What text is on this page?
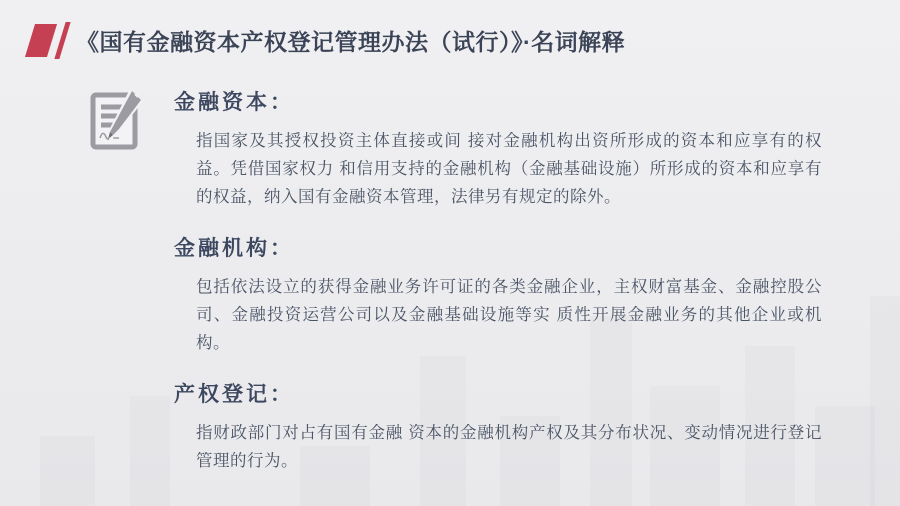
《国有金融资本产权登记管理办法（试行）》·名词解释
金融资本：

指国家及其授权投资主体直接或间 接对金融机构出资所形成的资本和应享有的权益。凭借国家权力 和信用支持的金融机构（金融基础设施）所形成的资本和应享有 的权益，纳入国有金融资本管理，法律另有规定的除外。

金融机构：

包括依法设立的获得金融业务许可证的各类金融企业，主权财富基金、金融控股公司、金融投资运营公司以及金融基础设施等实 质性开展金融业务的其他企业或机构。

产权登记：

指财政部门对占有国有金融 资本的金融机构产权及其分布状况、变动情况进行登记管理的行为。
